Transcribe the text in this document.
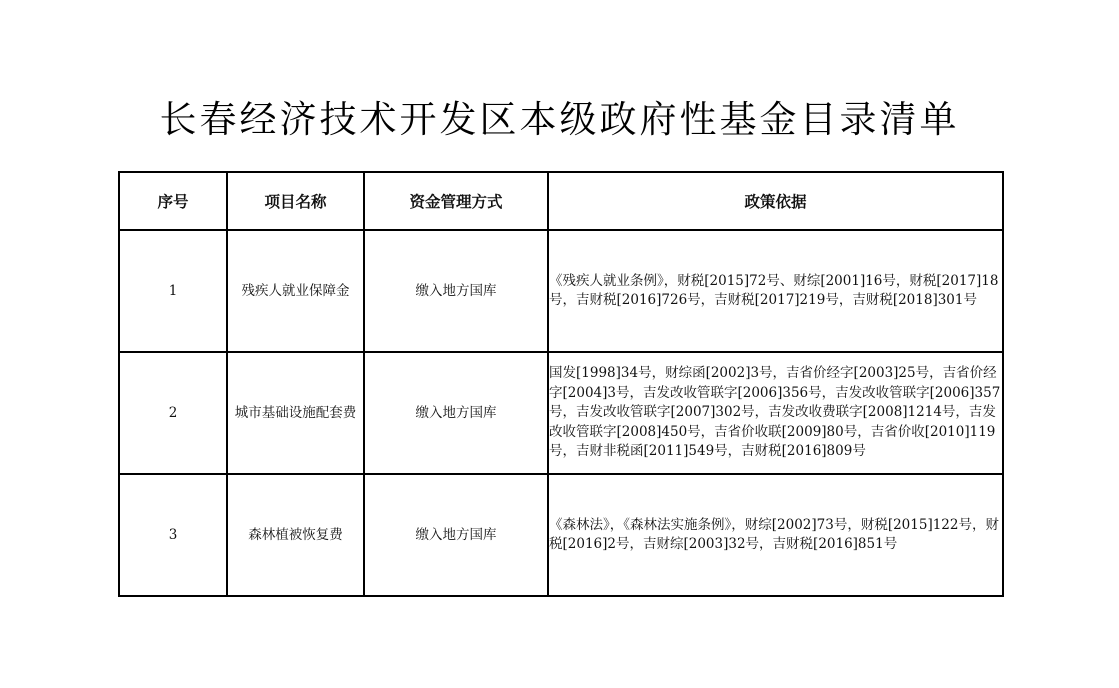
长春经济技术开发区本级政府性基金目录清单
序号	项目名称	资金管理方式	政策依据
1	残疾人就业保障金	缴入地方国库	《残疾人就业条例》，财税[2015]72号、财综[2001]16号，财税[2017]18号，吉财税[2016]726号，吉财税[2017]219号，吉财税[2018]301号
2	城市基础设施配套费	缴入地方国库	国发[1998]34号，财综函[2002]3号，吉省价经字[2003]25号，吉省价经字[2004]3号，吉发改收管联字[2006]356号，吉发改收管联字[2006]357号，吉发改收管联字[2007]302号，吉发改收费联字[2008]1214号，吉发改收管联字[2008]450号，吉省价收联[2009]80号，吉省价收[2010]119号，吉财非税函[2011]549号，吉财税[2016]809号
3	森林植被恢复费	缴入地方国库	《森林法》，《森林法实施条例》，财综[2002]73号，财税[2015]122号，财税[2016]2号，吉财综[2003]32号，吉财税[2016]851号
